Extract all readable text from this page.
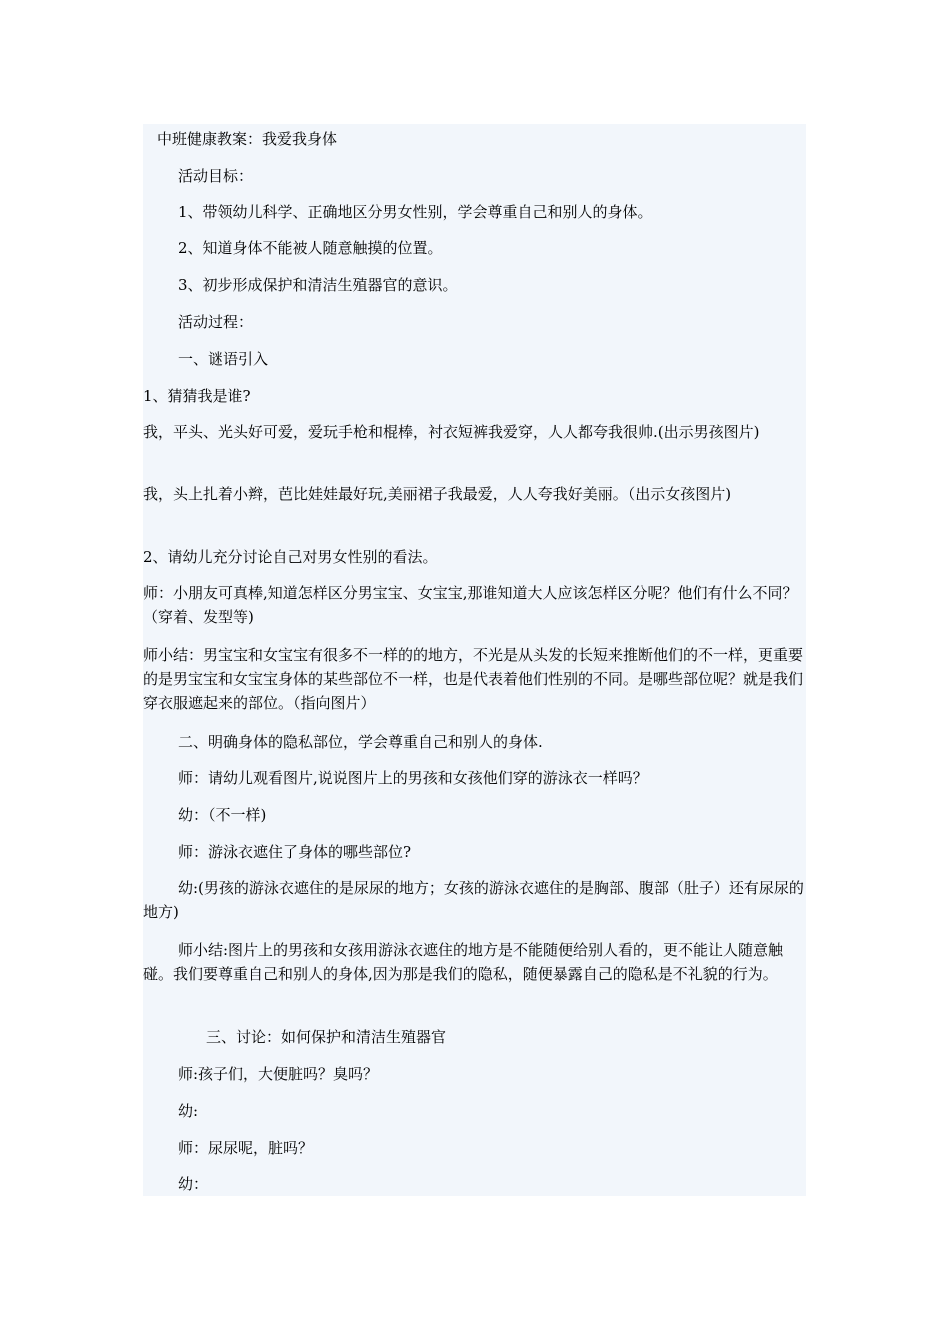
中班健康教案：我爱我身体

活动目标：

1、带领幼儿科学、正确地区分男女性别，学会尊重自己和别人的身体。

2、知道身体不能被人随意触摸的位置。

3、初步形成保护和清洁生殖器官的意识。

活动过程：

一、谜语引入

1、猜猜我是谁?

我，平头、光头好可爱，爱玩手枪和棍棒，衬衣短裤我爱穿，人人都夸我很帅.(出示男孩图片)

我，头上扎着小辫，芭比娃娃最好玩,美丽裙子我最爱，人人夸我好美丽。（出示女孩图片)

2、请幼儿充分讨论自己对男女性别的看法。

师：小朋友可真棒,知道怎样区分男宝宝、女宝宝,那谁知道大人应该怎样区分呢？他们有什么不同？（穿着、发型等)

师小结：男宝宝和女宝宝有很多不一样的的地方，不光是从头发的长短来推断他们的不一样，更重要的是男宝宝和女宝宝身体的某些部位不一样，也是代表着他们性别的不同。是哪些部位呢？就是我们穿衣服遮起来的部位。（指向图片）

二、明确身体的隐私部位，学会尊重自己和别人的身体.

师：请幼儿观看图片,说说图片上的男孩和女孩他们穿的游泳衣一样吗？

幼：（不一样)

师：游泳衣遮住了身体的哪些部位?

幼:(男孩的游泳衣遮住的是尿尿的地方；女孩的游泳衣遮住的是胸部、腹部（肚子）还有尿尿的地方)

师小结:图片上的男孩和女孩用游泳衣遮住的地方是不能随便给别人看的，更不能让人随意触碰。我们要尊重自己和别人的身体,因为那是我们的隐私，随便暴露自己的隐私是不礼貌的行为。

三、讨论：如何保护和清洁生殖器官

师:孩子们，大便脏吗？臭吗？

幼:

师：尿尿呢，脏吗？

幼：
